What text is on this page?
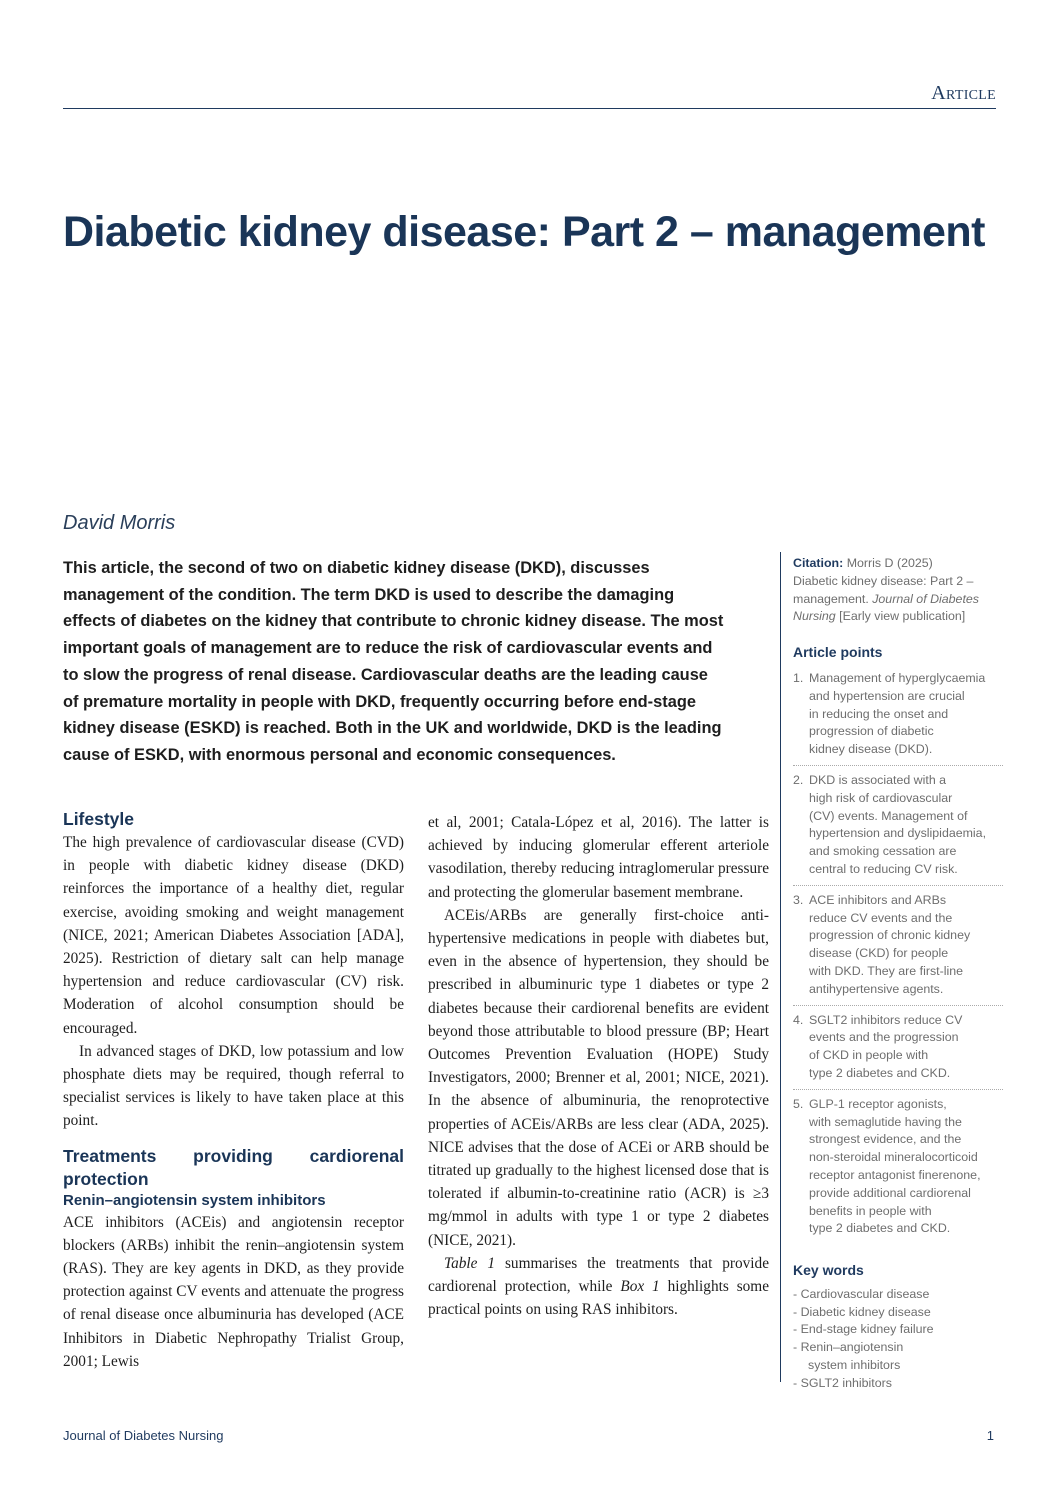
Article
Diabetic kidney disease: Part 2 – management
David Morris
This article, the second of two on diabetic kidney disease (DKD), discusses
management of the condition. The term DKD is used to describe the damaging
effects of diabetes on the kidney that contribute to chronic kidney disease. The most
important goals of management are to reduce the risk of cardiovascular events and
to slow the progress of renal disease. Cardiovascular deaths are the leading cause
of premature mortality in people with DKD, frequently occurring before end-stage
kidney disease (ESKD) is reached. Both in the UK and worldwide, DKD is the leading
cause of ESKD, with enormous personal and economic consequences.
Citation: Morris D (2025)
Diabetic kidney disease: Part 2 –
management. Journal of Diabetes
Nursing [Early view publication]
Article points
1. Management of hyperglycaemia
and hypertension are crucial
in reducing the onset and
progression of diabetic
kidney disease (DKD).
2. DKD is associated with a
high risk of cardiovascular
(CV) events. Management of
hypertension and dyslipidaemia,
and smoking cessation are
central to reducing CV risk.
3. ACE inhibitors and ARBs
reduce CV events and the
progression of chronic kidney
disease (CKD) for people
with DKD. They are first-line
antihypertensive agents.
4. SGLT2 inhibitors reduce CV
events and the progression
of CKD in people with
type 2 diabetes and CKD.
5. GLP-1 receptor agonists,
with semaglutide having the
strongest evidence, and the
non-steroidal mineralocorticoid
receptor antagonist finerenone,
provide additional cardiorenal
benefits in people with
type 2 diabetes and CKD.
Key words
- Cardiovascular disease
- Diabetic kidney disease
- End-stage kidney failure
- Renin–angiotensin
system inhibitors
- SGLT2 inhibitors
Lifestyle

The high prevalence of cardiovascular disease (CVD) in people with diabetic kidney disease (DKD) reinforces the importance of a healthy diet, regular exercise, avoiding smoking and weight management (NICE, 2021; American Diabetes Association [ADA], 2025). Restriction of dietary salt can help manage hypertension and reduce cardiovascular (CV) risk. Moderation of alcohol consumption should be encouraged.

In advanced stages of DKD, low potassium and low phosphate diets may be required, though referral to specialist services is likely to have taken place at this point.

Treatments providing cardiorenal protection
Renin–angiotensin system inhibitors

ACE inhibitors (ACEis) and angiotensin receptor blockers (ARBs) inhibit the renin–angiotensin system (RAS). They are key agents in DKD, as they provide protection against CV events and attenuate the progress of renal disease once albuminuria has developed (ACE Inhibitors in Diabetic Nephropathy Trialist Group, 2001; Lewis

et al, 2001; Catala-López et al, 2016). The latter is achieved by inducing glomerular efferent arteriole vasodilation, thereby reducing intraglomerular pressure and protecting the glomerular basement membrane.

ACEis/ARBs are generally first-choice anti-hypertensive medications in people with diabetes but, even in the absence of hypertension, they should be prescribed in albuminuric type 1 diabetes or type 2 diabetes because their cardiorenal benefits are evident beyond those attributable to blood pressure (BP; Heart Outcomes Prevention Evaluation (HOPE) Study Investigators, 2000; Brenner et al, 2001; NICE, 2021). In the absence of albuminuria, the renoprotective properties of ACEis/ARBs are less clear (ADA, 2025). NICE advises that the dose of ACEi or ARB should be titrated up gradually to the highest licensed dose that is tolerated if albumin-to-creatinine ratio (ACR) is ≥3 mg/mmol in adults with type 1 or type 2 diabetes (NICE, 2021).

Table 1 summarises the treatments that provide cardiorenal protection, while Box 1 highlights some practical points on using RAS inhibitors.

Journal of Diabetes Nursing	1
